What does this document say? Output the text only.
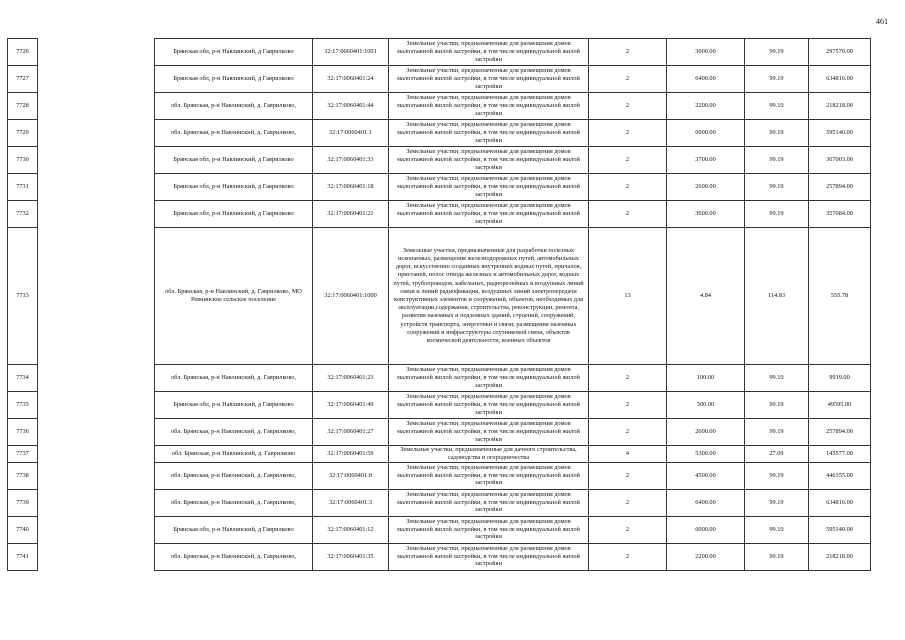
461
7726		Брянская обл, р-н Навлинский, д Гаврилково	32:17:0060401:1001	Земельные участки, предназначенные для размещения домов малоэтажной жилой застройки, в том числе индивидуальной жилой застройки	2	3000.00	99.19	297570.00
7727		Брянская обл, р-н Навлинский, д Гаврилково	32:17:0060401:24	Земельные участки, предназначенные для размещения домов малоэтажной жилой застройки, в том числе индивидуальной жилой застройки	2	6400.00	99.19	634816.00
7728		обл. Брянская, р-н Навлинский, д. Гаврилково,	32:17:0060401:44	Земельные участки, предназначенные для размещения домов малоэтажной жилой застройки, в том числе индивидуальной жилой застройки	2	2200.00	99.19	218218.00
7729		обл. Брянская, р-н Навлинский, д. Гаврилково,	32:17:0060401:1	Земельные участки, предназначенные для размещения домов малоэтажной жилой застройки, в том числе индивидуальной жилой застройки	2	6000.00	99.19	595140.00
7730		Брянская обл, р-н Навлинский, д Гаврилково	32:17:0060401:33	Земельные участки, предназначенные для размещения домов малоэтажной жилой застройки, в том числе индивидуальной жилой застройки	2	3700.00	99.19	367003.00
7731		Брянская обл, р-н Навлинский, д Гаврилково	32:17:0060401:18	Земельные участки, предназначенные для размещения домов малоэтажной жилой застройки, в том числе индивидуальной жилой застройки	2	2600.00	99.19	257894.00
7732		Брянская обл, р-н Навлинский, д Гаврилково	32:17:0060401:21	Земельные участки, предназначенные для размещения домов малоэтажной жилой застройки, в том числе индивидуальной жилой застройки	2	3600.00	99.19	357084.00
7733		обл. Брянская, р-н Навлинский, д. Гаврилково, МО Ревнинское сельское поселение	32:17:0060401:1000	Земельные участки, предназначенные для разработки полезных ископаемых, размещения железнодорожных путей, автомобильных дорог, искусственно созданных внутренних водных путей, причалов, пристаней, полос отвода железных и автомобильных дорог, водных путей, трубопроводов, кабельных, радиорелейных и воздушных линий связи и линий радиофикации, воздушных линий электропередачи конструктивных элементов и сооружений, объектов, необходимых для эксплуатации,содержания, строительства, реконструкции, ремонта, развития наземных и подземных зданий, строений, сооружений, устройств транспорта, энергетики и связи; размещения наземных сооружений и инфраструктуры спутниковой связи, объектов космической деятельности, военных объектов	13	4.84	114.83	555.78
7734		обл. Брянская, р-н Навлинский, д. Гаврилково,	32:17:0060401:23	Земельные участки, предназначенные для размещения домов малоэтажной жилой застройки, в том числе индивидуальной жилой застройки	2	100.00	99.19	9919.00
7735		Брянская обл, р-н Навлинский, д Гаврилково	32:17:0060401:49	Земельные участки, предназначенные для размещения домов малоэтажной жилой застройки, в том числе индивидуальной жилой застройки	2	500.00	99.19	49595.00
7736		обл. Брянская, р-н Навлинский, д. Гаврилково,	32:17:0060401:27	Земельные участки, предназначенные для размещения домов малоэтажной жилой застройки, в том числе индивидуальной жилой застройки	2	2600.00	99.19	257894.00
7737		обл. Брянская, р-н Навлинский, д. Гаврилково	32:17:0060401:59	Земельные участки, предназначенные для дачного строительства, садоводства и огородничества	4	5300.00	27.09	143577.00
7738		обл. Брянская, р-н Навлинский, д. Гаврилково,	32:17:0060401:8	Земельные участки, предназначенные для размещения домов малоэтажной жилой застройки, в том числе индивидуальной жилой застройки	2	4500.00	99.19	446355.00
7739		обл. Брянская, р-н Навлинский, д. Гаврилково,	32:17:0060401:3	Земельные участки, предназначенные для размещения домов малоэтажной жилой застройки, в том числе индивидуальной жилой застройки	2	6400.00	99.19	634816.00
7740		Брянская обл, р-н Навлинский, д Гаврилково	32:17:0060401:12	Земельные участки, предназначенные для размещения домов малоэтажной жилой застройки, в том числе индивидуальной жилой застройки	2	6000.00	99.19	595140.00
7741		обл. Брянская, р-н Навлинский, д. Гаврилково,	32:17:0060401:35	Земельные участки, предназначенные для размещения домов малоэтажной жилой застройки, в том числе индивидуальной жилой застройки	2	2200.00	99.19	218218.00
